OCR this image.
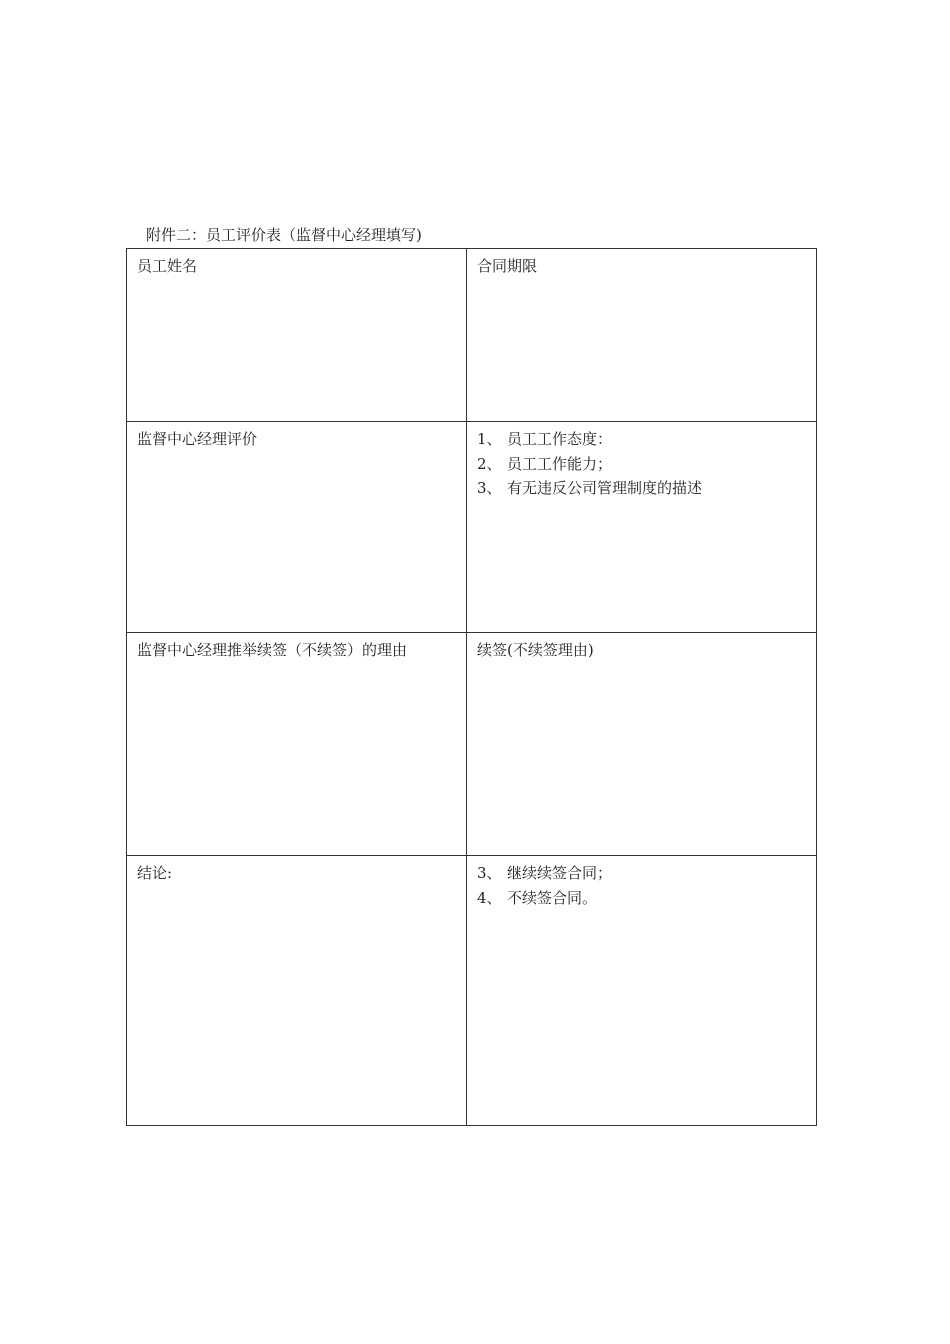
附件二：员工评价表（监督中心经理填写)
员工姓名	合同期限
监督中心经理评价	1、 员工工作态度：
2、 员工工作能力；
3、 有无违反公司管理制度的描述

监督中心经理推举续签（不续签）的理由	续签(不续签理由)
结论:	3、 继续续签合同；
4、 不续签合同。
